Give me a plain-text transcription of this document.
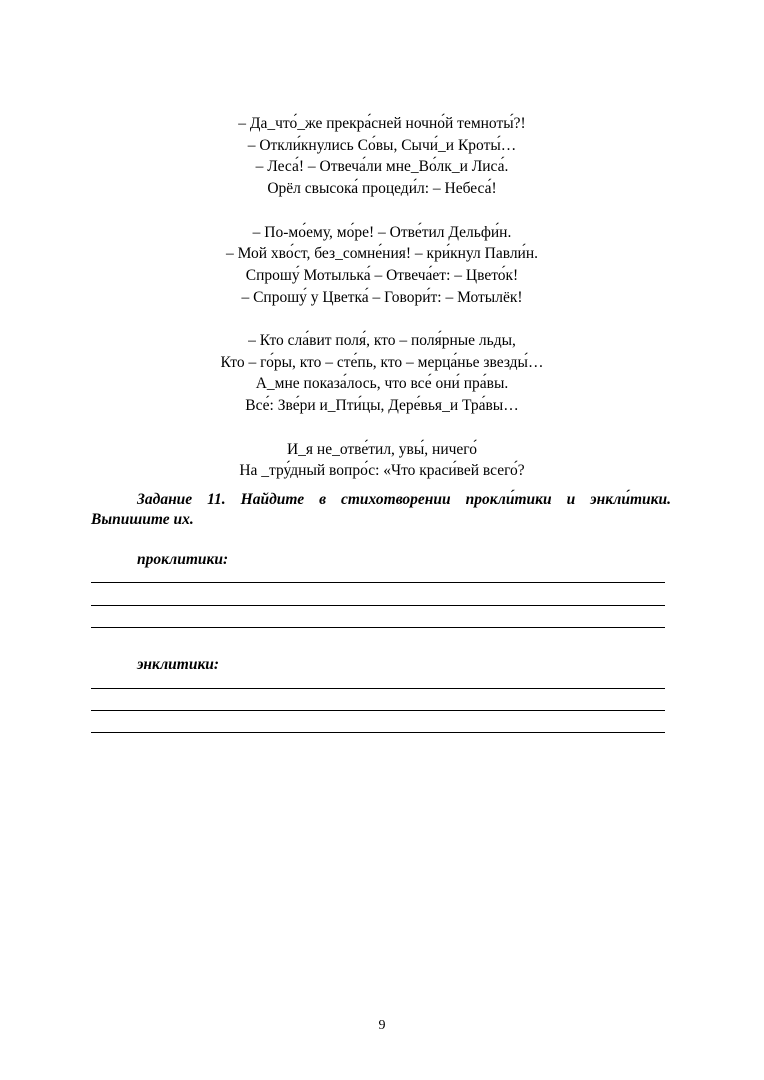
– Да_что́_же прекра́сней ночно́й темноты́?!
– Откли́кнулись Со́вы, Сычи́_и Кроты́…
– Леса́! – Отвеча́ли мне_Во́лк_и Лиса́.
Орёл свысока́ процеди́л: – Небеса́!
– По-мо́ему, мо́ре! – Отве́тил Дельфи́н.
– Мой хво́ст, без_сомне́ния! – кри́кнул Павли́н.
Спрошу́ Мотылька́ – Отвеча́ет: – Цвето́к!
– Спрошу́ у Цветка́ – Говори́т: – Мотылёк!
– Кто сла́вит поля́, кто – поля́рные льды,
Кто – го́ры, кто – сте́пь, кто – мерца́нье звезды́…
А_мне показа́лось, что все́ они́ пра́вы.
Все́: Зве́ри и_Пти́цы, Дере́вья_и Тра́вы…
И_я не_отве́тил, увы́, ничего́
На _тру́дный вопро́с: «Что краси́вей всего́?
Задание 11. Найдите в стихотворении прокли́тики и энкли́тики. Выпишите их.
проклитики:
энклитики:
9
